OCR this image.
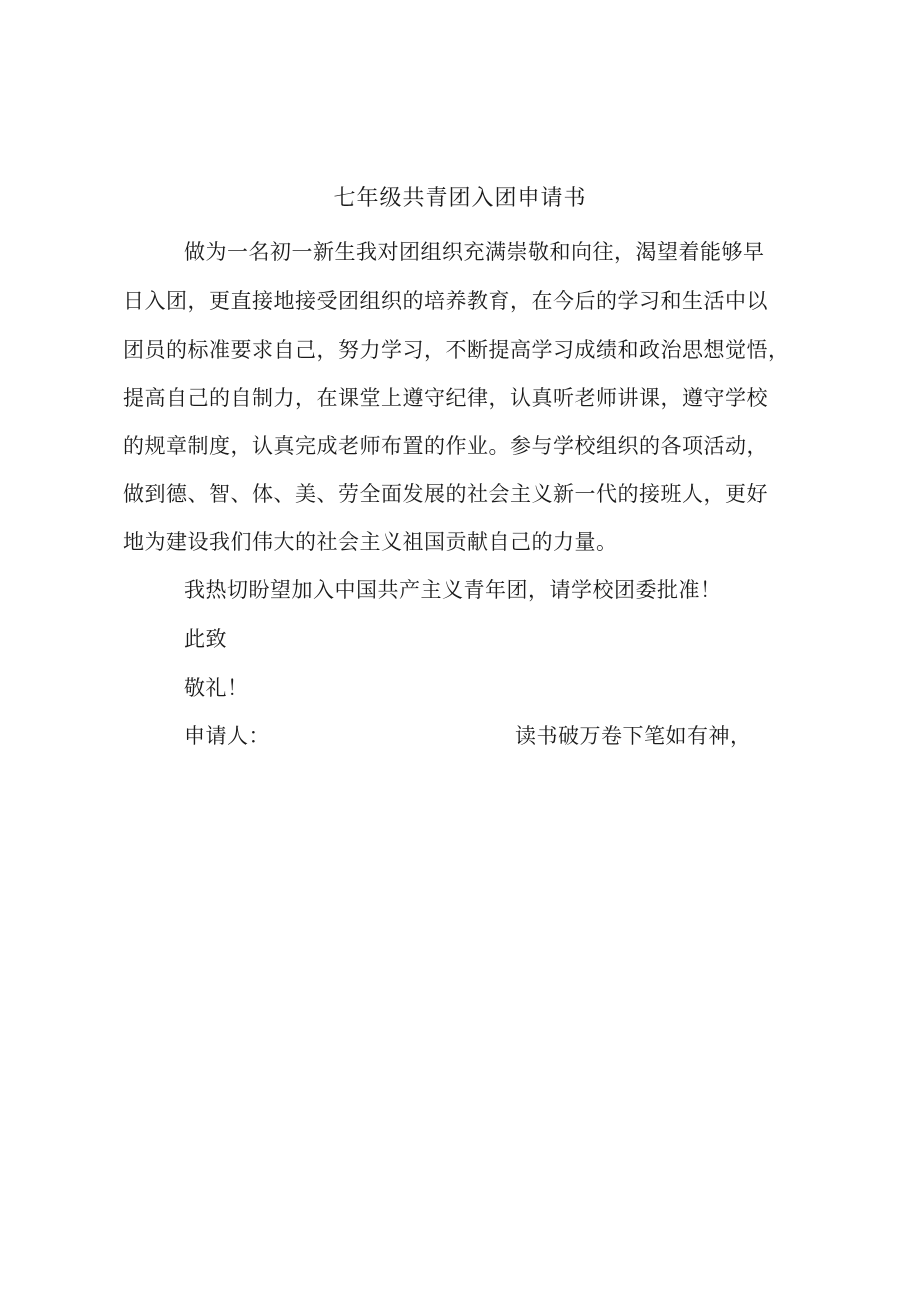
七年级共青团入团申请书
做为一名初一新生我对团组织充满崇敬和向往，渴望着能够早
日入团，更直接地接受团组织的培养教育，在今后的学习和生活中以
团员的标准要求自己，努力学习，不断提高学习成绩和政治思想觉悟，
提高自己的自制力，在课堂上遵守纪律，认真听老师讲课，遵守学校
的规章制度，认真完成老师布置的作业。参与学校组织的各项活动，
做到德、智、体、美、劳全面发展的社会主义新一代的接班人，更好
地为建设我们伟大的社会主义祖国贡献自己的力量。
我热切盼望加入中国共产主义青年团，请学校团委批准！
此致
敬礼！
申请人：	读书破万卷下笔如有神，
